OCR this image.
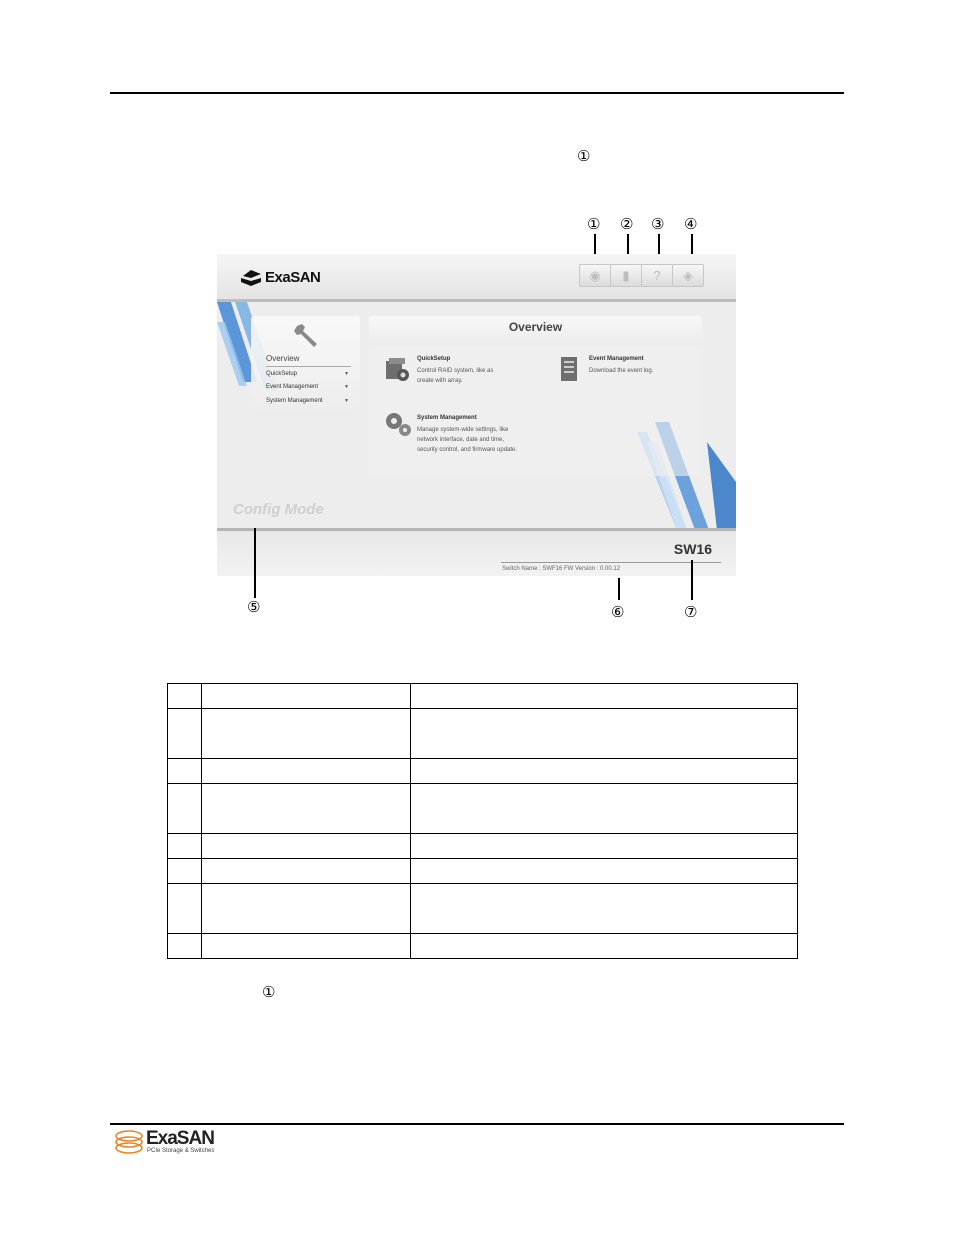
①
① ② ③ ④
ExaSAN	◉	▮	?	◈
Overview
QuickSetup	▼
Event Management	▼
System Management	▼
Overview
QuickSetup
Control RAID system, like as create with array.
Event Management
Download the event log.
System Management
Manage system-wide settings, like network interface, date and time, security control, and firmware update.
Config Mode
SW16
Switch Name : SWF16 FW Version : 0.00.12
⑤	⑥	⑦

①
ExaSAN
PCIe Storage & Switches
